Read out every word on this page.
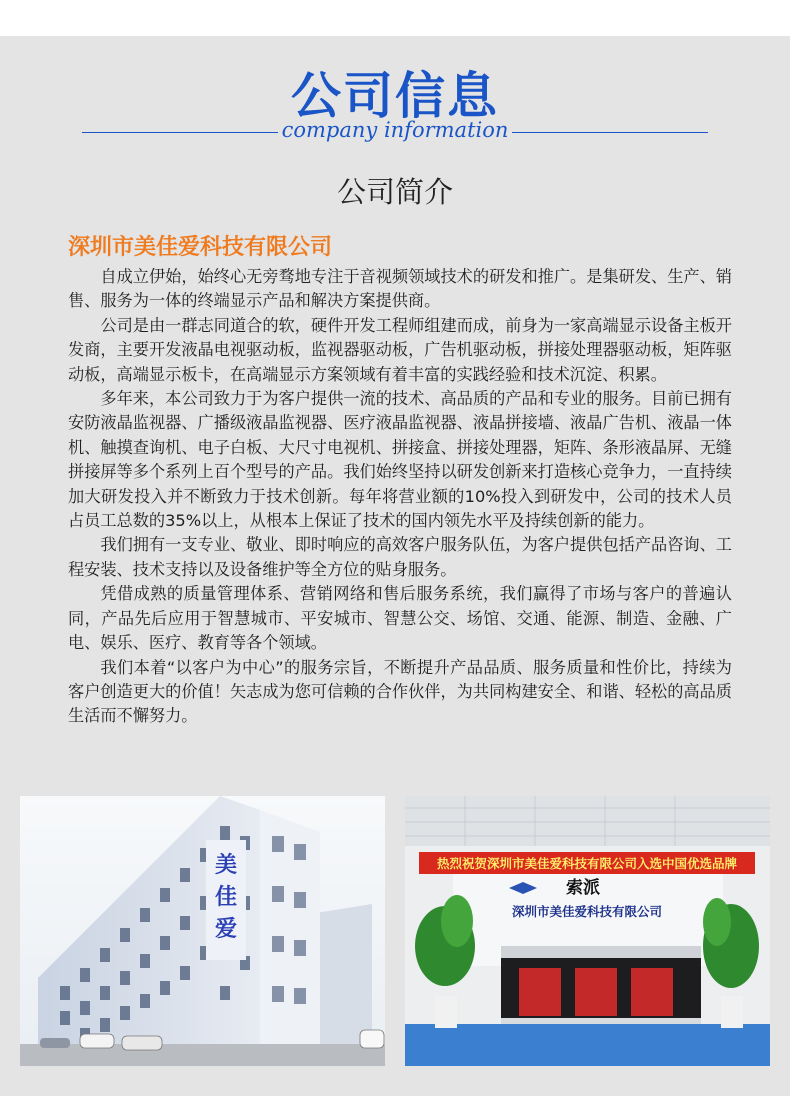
公司信息
company information
公司简介
深圳市美佳爱科技有限公司

自成立伊始，始终心无旁骛地专注于音视频领域技术的研发和推广。是集研发、生产、销售、服务为一体的终端显示产品和解决方案提供商。

公司是由一群志同道合的软，硬件开发工程师组建而成，前身为一家高端显示设备主板开发商，主要开发液晶电视驱动板，监视器驱动板，广告机驱动板，拼接处理器驱动板，矩阵驱动板，高端显示板卡，在高端显示方案领域有着丰富的实践经验和技术沉淀、积累。

多年来，本公司致力于为客户提供一流的技术、高品质的产品和专业的服务。目前已拥有安防液晶监视器、广播级液晶监视器、医疗液晶监视器、液晶拼接墙、液晶广告机、液晶一体机、触摸查询机、电子白板、大尺寸电视机、拼接盒、拼接处理器，矩阵、条形液晶屏、无缝拼接屏等多个系列上百个型号的产品。我们始终坚持以研发创新来打造核心竞争力，一直持续加大研发投入并不断致力于技术创新。每年将营业额的10%投入到研发中，公司的技术人员占员工总数的35%以上，从根本上保证了技术的国内领先水平及持续创新的能力。

我们拥有一支专业、敬业、即时响应的高效客户服务队伍，为客户提供包括产品咨询、工程安装、技术支持以及设备维护等全方位的贴身服务。

凭借成熟的质量管理体系、营销网络和售后服务系统，我们赢得了市场与客户的普遍认同，产品先后应用于智慧城市、平安城市、智慧公交、场馆、交通、能源、制造、金融、广电、娱乐、医疗、教育等各个领域。

我们本着“以客户为中心”的服务宗旨，不断提升产品品质、服务质量和性价比，持续为客户创造更大的价值！矢志成为您可信赖的合作伙伴，为共同构建安全、和谐、轻松的高品质生活而不懈努力。

美
佳
爱
热烈祝贺深圳市美佳爱科技有限公司入选中国优选品牌
索派
深圳市美佳爱科技有限公司
